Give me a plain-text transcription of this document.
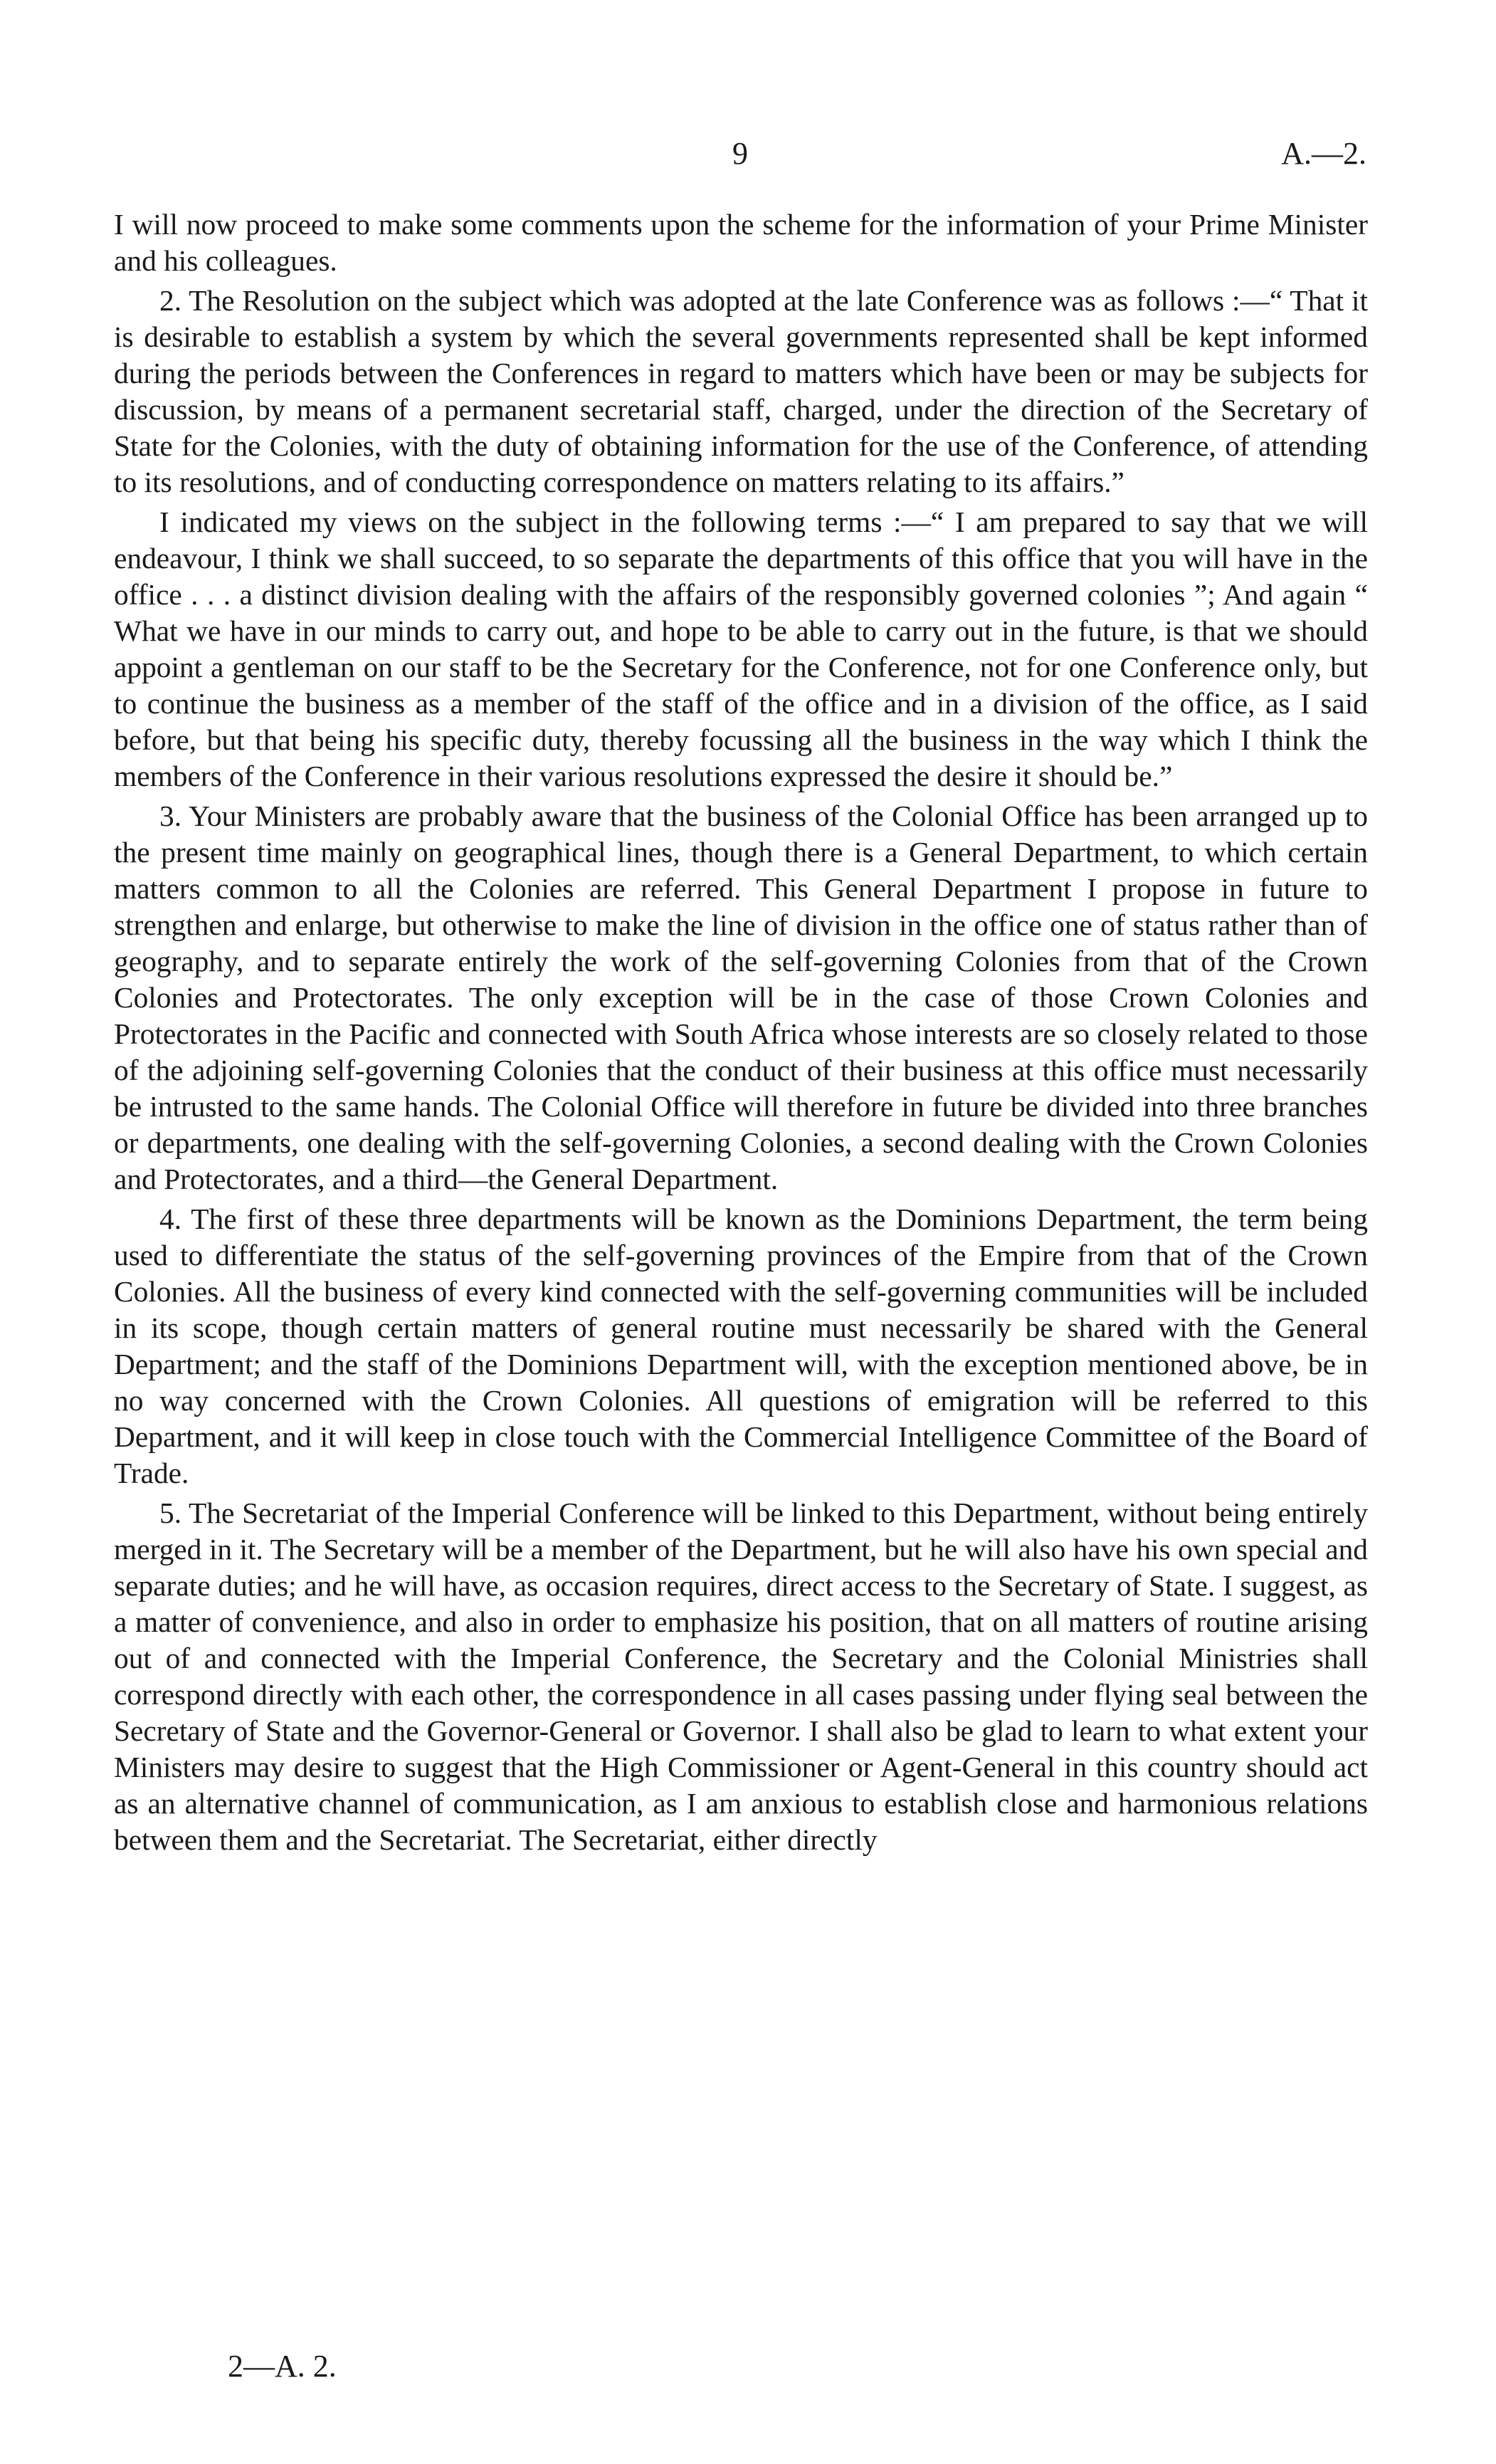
9	A.—2.

I will now proceed to make some comments upon the scheme for the information of your Prime Minister and his colleagues.

2. The Resolution on the subject which was adopted at the late Conference was as follows :—“ That it is desirable to establish a system by which the several governments represented shall be kept informed during the periods between the Conferences in regard to matters which have been or may be subjects for discussion, by means of a permanent secretarial staff, charged, under the direction of the Secretary of State for the Colonies, with the duty of obtaining information for the use of the Conference, of attending to its resolutions, and of conducting correspondence on matters relating to its affairs.”

I indicated my views on the subject in the following terms :—“ I am prepared to say that we will endeavour, I think we shall succeed, to so separate the departments of this office that you will have in the office . . . a distinct division dealing with the affairs of the responsibly governed colonies ”; And again “ What we have in our minds to carry out, and hope to be able to carry out in the future, is that we should appoint a gentleman on our staff to be the Secretary for the Conference, not for one Conference only, but to continue the business as a member of the staff of the office and in a division of the office, as I said before, but that being his specific duty, thereby focussing all the business in the way which I think the members of the Conference in their various resolutions expressed the desire it should be.”

3. Your Ministers are probably aware that the business of the Colonial Office has been arranged up to the present time mainly on geographical lines, though there is a General Department, to which certain matters common to all the Colonies are referred. This General Department I propose in future to strengthen and enlarge, but otherwise to make the line of division in the office one of status rather than of geography, and to separate entirely the work of the self-governing Colonies from that of the Crown Colonies and Protectorates. The only exception will be in the case of those Crown Colonies and Protectorates in the Pacific and connected with South Africa whose interests are so closely related to those of the adjoining self-governing Colonies that the conduct of their business at this office must necessarily be intrusted to the same hands. The Colonial Office will therefore in future be divided into three branches or departments, one dealing with the self-governing Colonies, a second dealing with the Crown Colonies and Protectorates, and a third—the General Department.

4. The first of these three departments will be known as the Dominions Department, the term being used to differentiate the status of the self-governing provinces of the Empire from that of the Crown Colonies. All the business of every kind connected with the self-governing communities will be included in its scope, though certain matters of general routine must necessarily be shared with the General Department; and the staff of the Dominions Department will, with the exception mentioned above, be in no way concerned with the Crown Colonies. All questions of emigration will be referred to this Department, and it will keep in close touch with the Commercial Intelligence Committee of the Board of Trade.

5. The Secretariat of the Imperial Conference will be linked to this Department, without being entirely merged in it. The Secretary will be a member of the Department, but he will also have his own special and separate duties; and he will have, as occasion requires, direct access to the Secretary of State. I suggest, as a matter of convenience, and also in order to emphasize his position, that on all matters of routine arising out of and connected with the Imperial Conference, the Secretary and the Colonial Ministries shall correspond directly with each other, the correspondence in all cases passing under flying seal between the Secretary of State and the Governor-General or Governor. I shall also be glad to learn to what extent your Ministers may desire to suggest that the High Commissioner or Agent-General in this country should act as an alternative channel of communication, as I am anxious to establish close and harmonious relations between them and the Secretariat. The Secretariat, either directly

2—A. 2.
